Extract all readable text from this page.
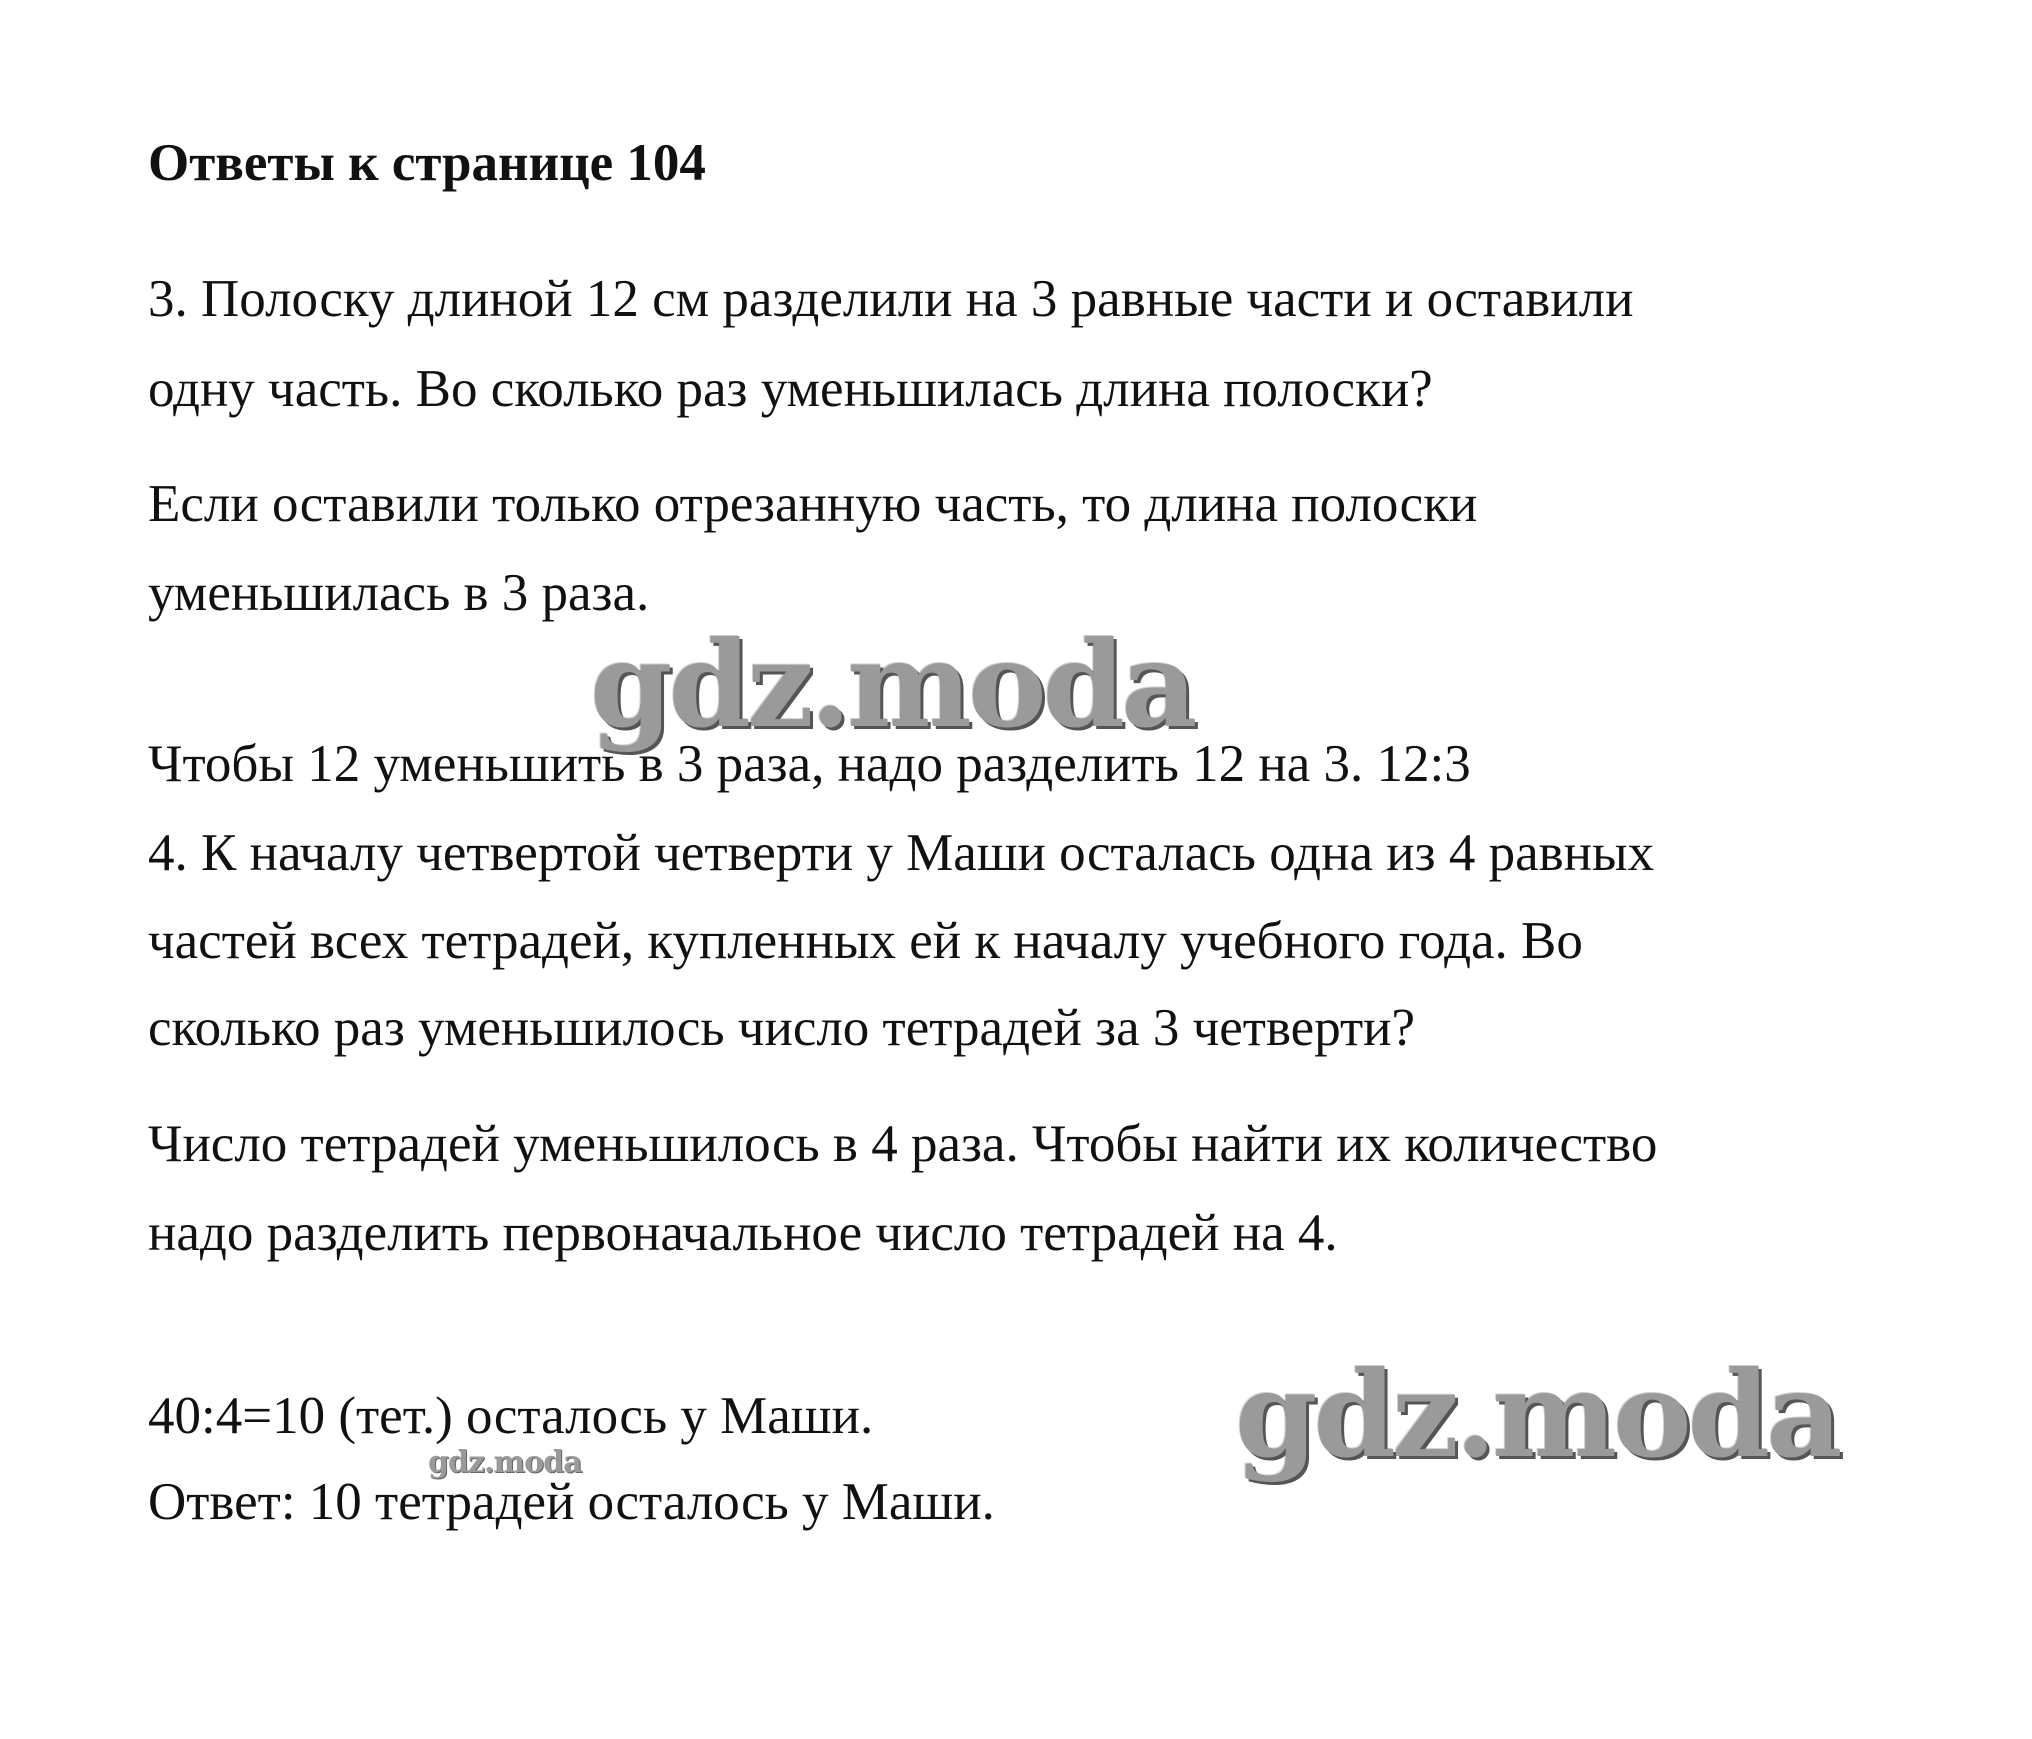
Ответы к странице 104
3. Полоску длиной 12 см разделили на 3 равные части и оставили
одну часть. Во сколько раз уменьшилась длина полоски?
Если оставили только отрезанную часть, то длина полоски
уменьшилась в 3 раза.
Чтобы 12 уменьшить в 3 раза, надо разделить 12 на 3. 12:3
4. К началу четвертой четверти у Маши осталась одна из 4 равных
частей всех тетрадей, купленных ей к началу учебного года. Во
сколько раз уменьшилось число тетрадей за 3 четверти?
Число тетрадей уменьшилось в 4 раза. Чтобы найти их количество
надо разделить первоначальное число тетрадей на 4.
40:4=10 (тет.) осталось у Маши.
Ответ: 10 тетрадей осталось у Маши.
gdz.moda
gdz.moda
gdz.moda
